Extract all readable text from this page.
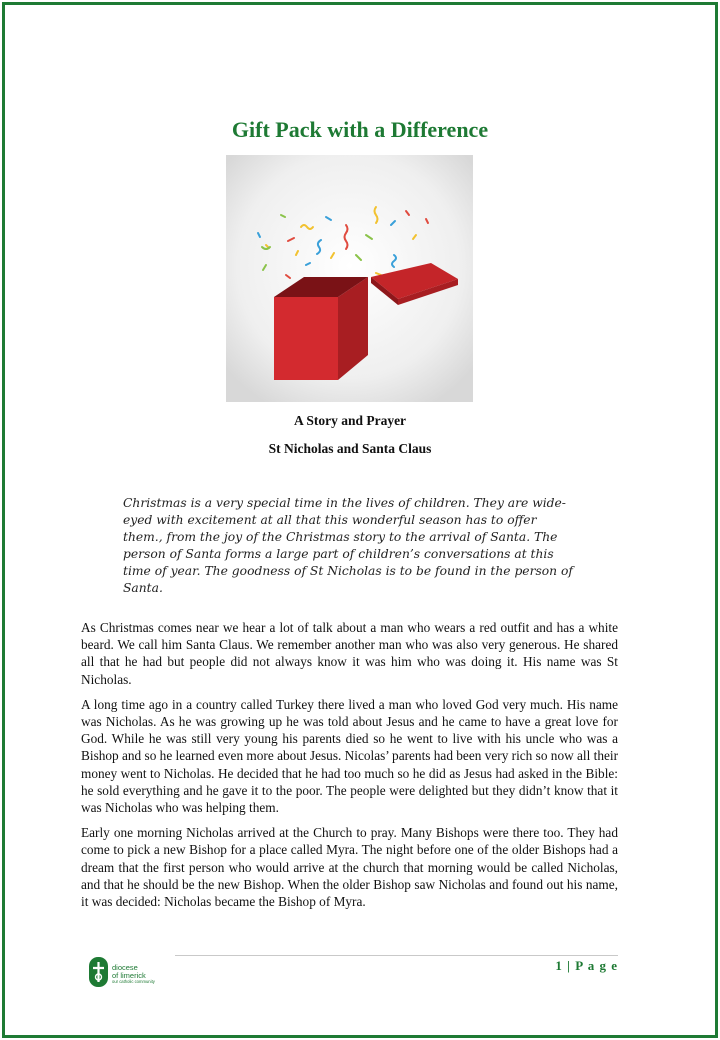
Gift Pack with a Difference
A Story and Prayer
St Nicholas and Santa Claus

Christmas is a very special time in the lives of children. They are wide-eyed with excitement at all that this wonderful season has to offer them., from the joy of the Christmas story to the arrival of Santa. The person of Santa forms a large part of children’s conversations at this time of year. The goodness of St Nicholas is to be found in the person of Santa.

As Christmas comes near we hear a lot of talk about a man who wears a red outfit and has a white beard. We call him Santa Claus. We remember another man who was also very generous. He shared all that he had but people did not always know it was him who was doing it. His name was St Nicholas.

A long time ago in a country called Turkey there lived a man who loved God very much. His name was Nicholas. As he was growing up he was told about Jesus and he came to have a great love for God. While he was still very young his parents died so he went to live with his uncle who was a Bishop and so he learned even more about Jesus. Nicolas’ parents had been very rich so now all their money went to Nicholas. He decided that he had too much so he did as Jesus had asked in the Bible: he sold everything and he gave it to the poor. The people were delighted but they didn’t know that it was Nicholas who was helping them.

Early one morning Nicholas arrived at the Church to pray. Many Bishops were there too. They had come to pick a new Bishop for a place called Myra. The night before one of the older Bishops had a dream that the first person who would arrive at the church that morning would be called Nicholas, and that he should be the new Bishop. When the older Bishop saw Nicholas and found out his name, it was decided: Nicholas became the Bishop of Myra.

diocese
of limerick
our catholic community
1 | P a g e
